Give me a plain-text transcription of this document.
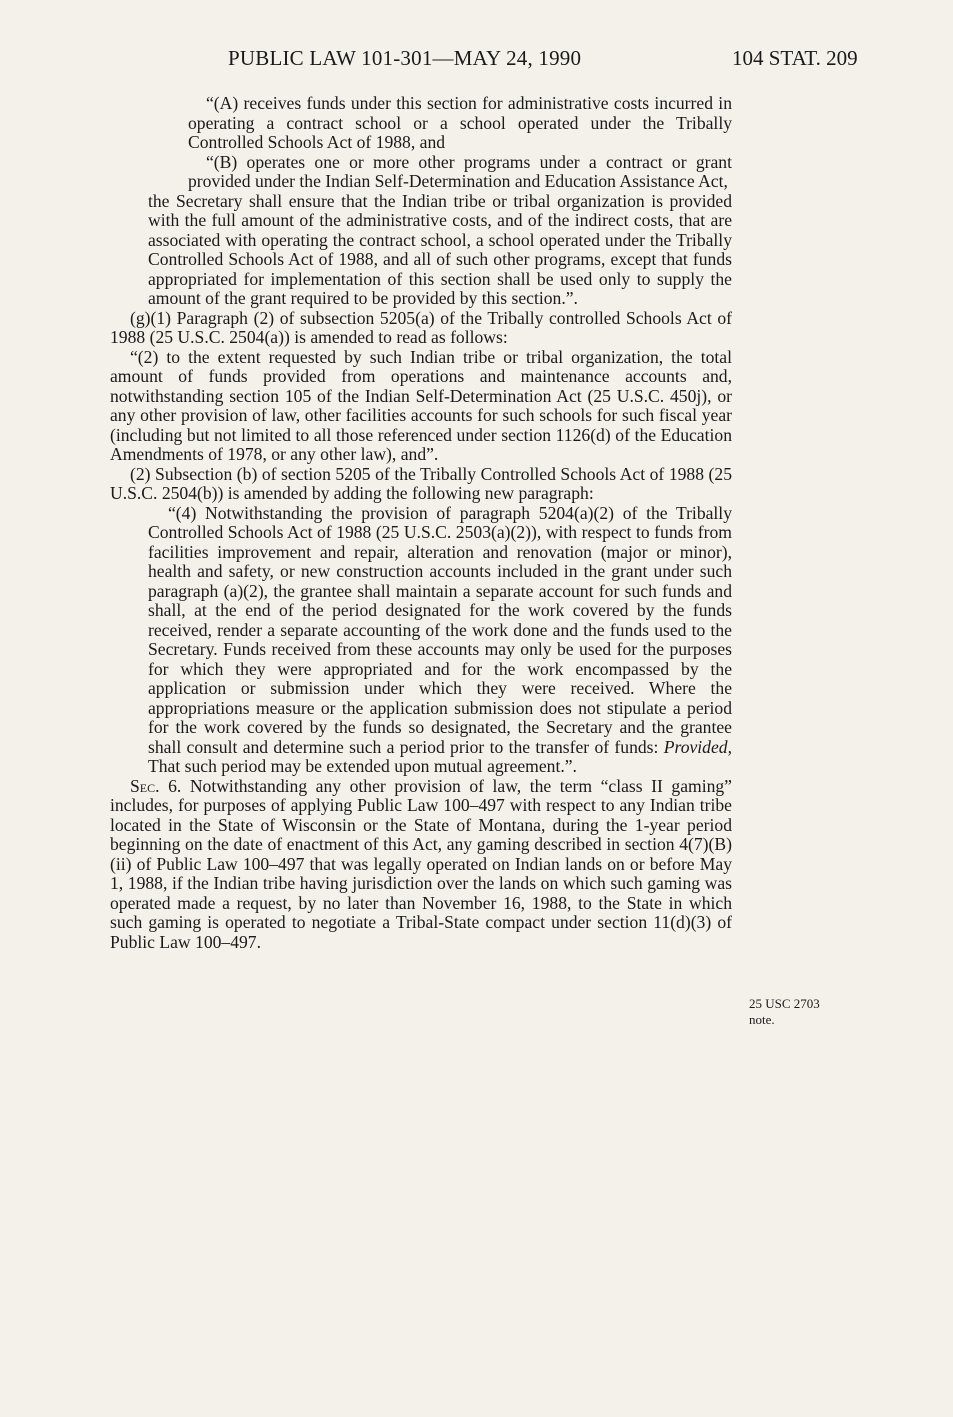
PUBLIC LAW 101-301—MAY 24, 1990	104 STAT. 209

“(A) receives funds under this section for administrative costs incurred in operating a contract school or a school operated under the Tribally Controlled Schools Act of 1988, and

“(B) operates one or more other programs under a contract or grant provided under the Indian Self-Determination and Education Assistance Act,

the Secretary shall ensure that the Indian tribe or tribal organization is provided with the full amount of the administrative costs, and of the indirect costs, that are associated with operating the contract school, a school operated under the Tribally Controlled Schools Act of 1988, and all of such other programs, except that funds appropriated for implementation of this section shall be used only to supply the amount of the grant required to be provided by this section.”.

(g)(1) Paragraph (2) of subsection 5205(a) of the Tribally controlled Schools Act of 1988 (25 U.S.C. 2504(a)) is amended to read as follows:

“(2) to the extent requested by such Indian tribe or tribal organization, the total amount of funds provided from operations and maintenance accounts and, notwithstanding section 105 of the Indian Self-Determination Act (25 U.S.C. 450j), or any other provision of law, other facilities accounts for such schools for such fiscal year (including but not limited to all those referenced under section 1126(d) of the Education Amendments of 1978, or any other law), and”.

(2) Subsection (b) of section 5205 of the Tribally Controlled Schools Act of 1988 (25 U.S.C. 2504(b)) is amended by adding the following new paragraph:

“(4) Notwithstanding the provision of paragraph 5204(a)(2) of the Tribally Controlled Schools Act of 1988 (25 U.S.C. 2503(a)(2)), with respect to funds from facilities improvement and repair, alteration and renovation (major or minor), health and safety, or new construction accounts included in the grant under such paragraph (a)(2), the grantee shall maintain a separate account for such funds and shall, at the end of the period designated for the work covered by the funds received, render a separate accounting of the work done and the funds used to the Secretary. Funds received from these accounts may only be used for the purposes for which they were appropriated and for the work encompassed by the application or submission under which they were received. Where the appropriations measure or the application submission does not stipulate a period for the work covered by the funds so designated, the Secretary and the grantee shall consult and determine such a period prior to the transfer of funds: Provided, That such period may be extended upon mutual agreement.”.

Sec. 6. Notwithstanding any other provision of law, the term “class II gaming” includes, for purposes of applying Public Law 100–497 with respect to any Indian tribe located in the State of Wisconsin or the State of Montana, during the 1-year period beginning on the date of enactment of this Act, any gaming described in section 4(7)(B)(ii) of Public Law 100–497 that was legally operated on Indian lands on or before May 1, 1988, if the Indian tribe having jurisdiction over the lands on which such gaming was operated made a request, by no later than November 16, 1988, to the State in which such gaming is operated to negotiate a Tribal-State compact under section 11(d)(3) of Public Law 100–497.

25 USC 2703
note.
